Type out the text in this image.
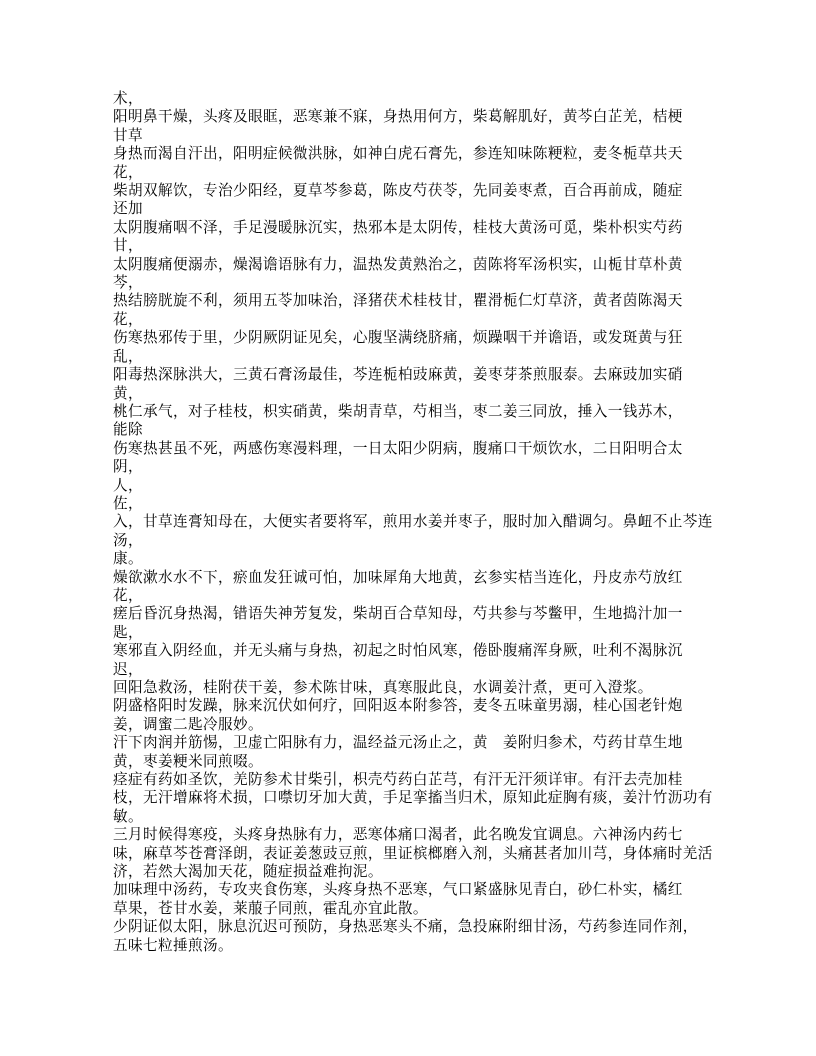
术，
阳明鼻干燥，头疼及眼眶，恶寒兼不寐，身热用何方，柴葛解肌好，黄芩白芷羌，桔梗
甘草
身热而渴自汗出，阳明症候微洪脉，如神白虎石膏先，参连知味陈粳粒，麦冬栀草共天
花，
柴胡双解饮，专治少阳经，夏草芩参葛，陈皮芍茯苓，先同姜枣煮，百合再前成，随症
还加
太阴腹痛咽不泽，手足漫暖脉沉实，热邪本是太阴传，桂枝大黄汤可觅，柴朴枳实芍药
甘，
太阴腹痛便溺赤，燥渴谵语脉有力，温热发黄熟治之，茵陈将军汤枳实，山栀甘草朴黄
芩，
热结膀胱旋不利，须用五苓加味治，泽猪茯术桂枝甘，瞿滑栀仁灯草济，黄者茵陈渴天
花，
伤寒热邪传于里，少阴厥阴证见矣，心腹坚满绕脐痛，烦躁咽干并谵语，或发斑黄与狂
乱，
阳毒热深脉洪大，三黄石膏汤最佳，芩连栀柏豉麻黄，姜枣芽茶煎服泰。去麻豉加实硝
黄，
桃仁承气，对子桂枝，枳实硝黄，柴胡青草，芍相当，枣二姜三同放，捶入一钱苏木，
能除
伤寒热甚虽不死，两感伤寒漫料理，一日太阳少阴病，腹痛口干烦饮水，二日阳明合太
阴，
人，
佐，
入，甘草连膏知母在，大便实者要将军，煎用水姜并枣子，服时加入醋调匀。鼻衄不止芩连
汤，
康。
燥欲漱水水不下，瘀血发狂诚可怕，加味犀角大地黄，玄参实桔当连化，丹皮赤芍放红
花，
瘥后昏沉身热渴，错语失神芳复发，柴胡百合草知母，芍共参与芩鳖甲，生地捣汁加一
匙，
寒邪直入阴经血，并无头痛与身热，初起之时怕风寒，倦卧腹痛浑身厥，吐利不渴脉沉
迟，
回阳急救汤，桂附茯干姜，参术陈甘味，真寒服此良，水调姜汁煮，更可入澄浆。
阴盛格阳时发躁，脉来沉伏如何疗，回阳返本附参答，麦冬五味童男溺，桂心国老针炮
姜，调蜜二匙冷服妙。
汗下肉润并筋惕，卫虚亡阳脉有力，温经益元汤止之，黄　姜附归参术，芍药甘草生地
黄，枣姜粳米同煎啜。
痉症有药如圣饮，羌防参术甘柴引，枳壳芍药白芷芎，有汗无汗须详审。有汗去壳加桂
枝，无汗增麻将术损，口噤切牙加大黄，手足挛搐当归术，原知此症胸有痰，姜汁竹沥功有
敏。
三月时候得寒疫，头疼身热脉有力，恶寒体痛口渴者，此名晚发宜调息。六神汤内药七
味，麻草芩苍膏泽朗，表证姜葱豉豆煎，里证槟榔磨入剂，头痛甚者加川芎，身体痛时羌活
济，若然大渴加天花，随症损益难拘泥。
加味理中汤药，专攻夹食伤寒，头疼身热不恶寒，气口紧盛脉见青白，砂仁朴实，橘红
草果，苍甘水姜，莱菔子同煎，霍乱亦宜此散。
少阴证似太阳，脉息沉迟可预防，身热恶寒头不痛，急投麻附细甘汤，芍药参连同作剂，
五味七粒捶煎汤。
